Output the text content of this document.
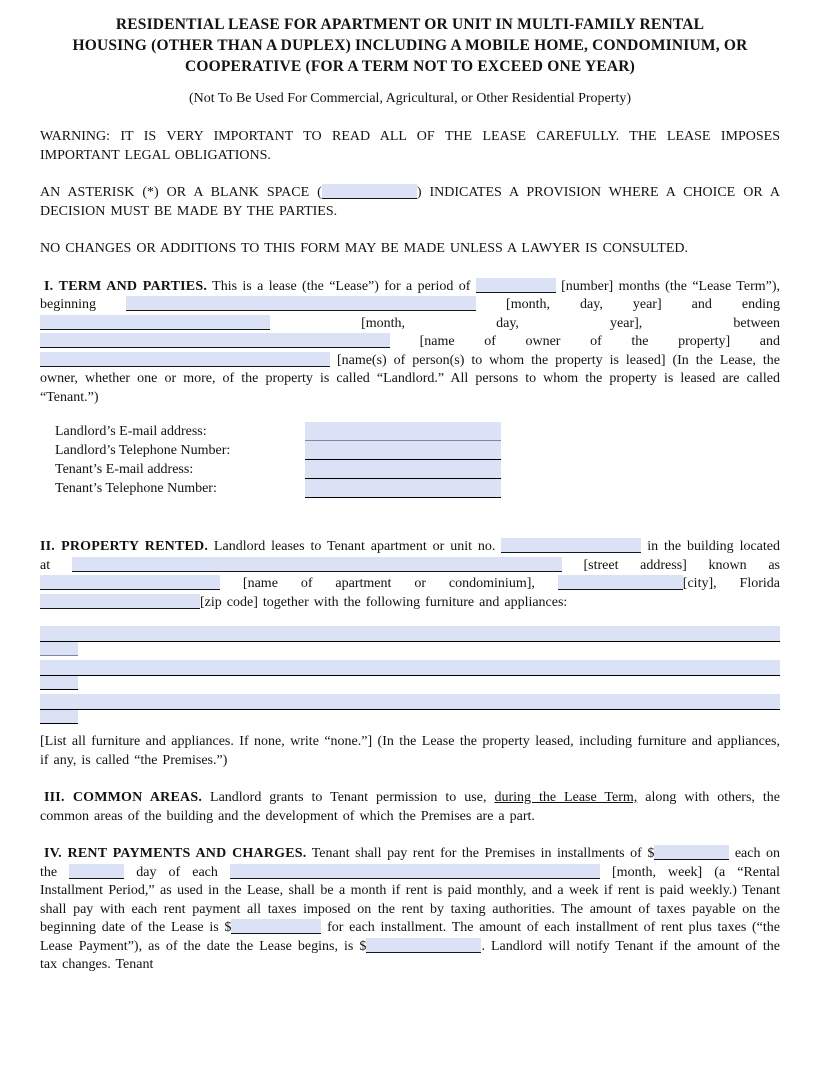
RESIDENTIAL LEASE FOR APARTMENT OR UNIT IN MULTI-FAMILY RENTAL
HOUSING (OTHER THAN A DUPLEX) INCLUDING A MOBILE HOME, CONDOMINIUM, OR
COOPERATIVE (FOR A TERM NOT TO EXCEED ONE YEAR)

(Not To Be Used For Commercial, Agricultural, or Other Residential Property)

WARNING: IT IS VERY IMPORTANT TO READ ALL OF THE LEASE CAREFULLY. THE LEASE IMPOSES IMPORTANT LEGAL OBLIGATIONS.

AN ASTERISK (*) OR A BLANK SPACE (	) INDICATES A PROVISION WHERE A CHOICE OR A DECISION MUST BE MADE BY THE PARTIES.

NO CHANGES OR ADDITIONS TO THIS FORM MAY BE MADE UNLESS A LAWYER IS CONSULTED.

I. TERM AND PARTIES. This is a lease (the “Lease”) for a period of	[number] months (the “Lease Term”), beginning	[month, day, year] and ending  [month, day, year], between  [name of owner of the property] and  [name(s) of person(s) to whom the property is leased] (In the Lease, the owner, whether one or more, of the property is called “Landlord.” All persons to whom the property is leased are called “Tenant.”)

Landlord’s E-mail address:
Landlord’s Telephone Number:
Tenant’s E-mail address:
Tenant’s Telephone Number:

II. PROPERTY RENTED. Landlord leases to Tenant apartment or unit no.	in the building located at	[street address] known as  [name of apartment or condominium],	[city], Florida [zip code] together with the following furniture and appliances:

[List all furniture and appliances. If none, write “none.”] (In the Lease the property leased, including furniture and appliances, if any, is called “the Premises.”)

III. COMMON AREAS. Landlord grants to Tenant permission to use, during the Lease Term, along with others, the common areas of the building and the development of which the Premises are a part.

IV. RENT PAYMENTS AND CHARGES. Tenant shall pay rent for the Premises in installments of $	each on the	day of each	[month, week] (a “Rental Installment Period,” as used in the Lease, shall be a month if rent is paid monthly, and a week if rent is paid weekly.) Tenant shall pay with each rent payment all taxes imposed on the rent by taxing authorities. The amount of taxes payable on the beginning date of the Lease is $	for each installment. The amount of each installment of rent plus taxes (“the Lease Payment”), as of the date the Lease begins, is $	. Landlord will notify Tenant if the amount of the tax changes. Tenant
